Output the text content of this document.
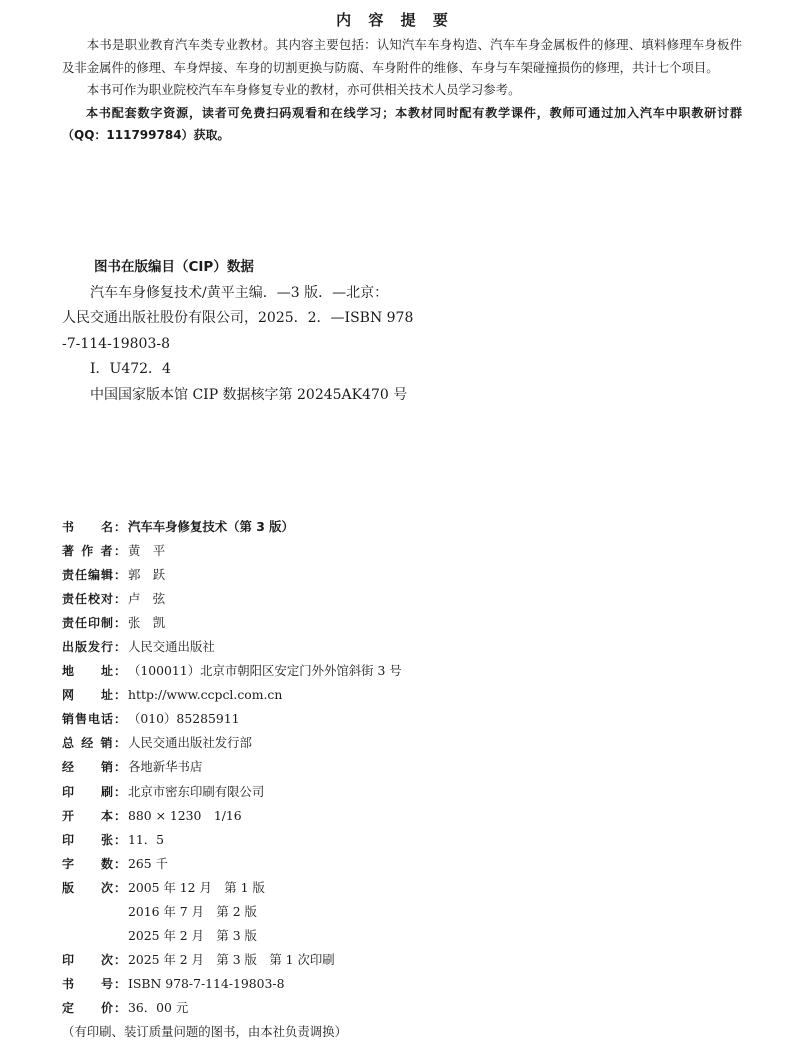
内 容 提 要

本书是职业教育汽车类专业教材。其内容主要包括：认知汽车车身构造、汽车车身金属板件的修理、填料修理车身板件及非金属件的修理、车身焊接、车身的切割更换与防腐、车身附件的维修、车身与车架碰撞损伤的修理，共计七个项目。

本书可作为职业院校汽车车身修复专业的教材，亦可供相关技术人员学习参考。

本书配套数字资源，读者可免费扫码观看和在线学习；本教材同时配有教学课件，教师可通过加入汽车中职教研讨群（QQ：111799784）获取。

图书在版编目（CIP）数据
汽车车身修复技术/黄平主编．—3 版．—北京：
人民交通出版社股份有限公司，2025．2．—ISBN 978
-7-114-19803-8
Ⅰ．U472．4
中国国家版本馆 CIP 数据核字第 20245AK470 号
书　　名： 汽车车身修复技术（第 3 版）
著 作 者： 黄　平
责任编辑： 郭　跃
责任校对： 卢　弦
责任印制： 张　凯
出版发行： 人民交通出版社
地　　址： （100011）北京市朝阳区安定门外外馆斜街 3 号
网　　址： http://www.ccpcl.com.cn
销售电话： （010）85285911
总 经 销： 人民交通出版社发行部
经　　销： 各地新华书店
印　　刷： 北京市密东印刷有限公司
开　　本： 880 × 1230　1/16
印　　张： 11．5
字　　数： 265 千
版　　次： 2005 年 12 月　第 1 版
2016 年 7 月　第 2 版
2025 年 2 月　第 3 版
印　　次： 2025 年 2 月　第 3 版　第 1 次印刷
书　　号： ISBN 978-7-114-19803-8
定　　价： 36．00 元
（有印刷、装订质量问题的图书，由本社负责调换）
